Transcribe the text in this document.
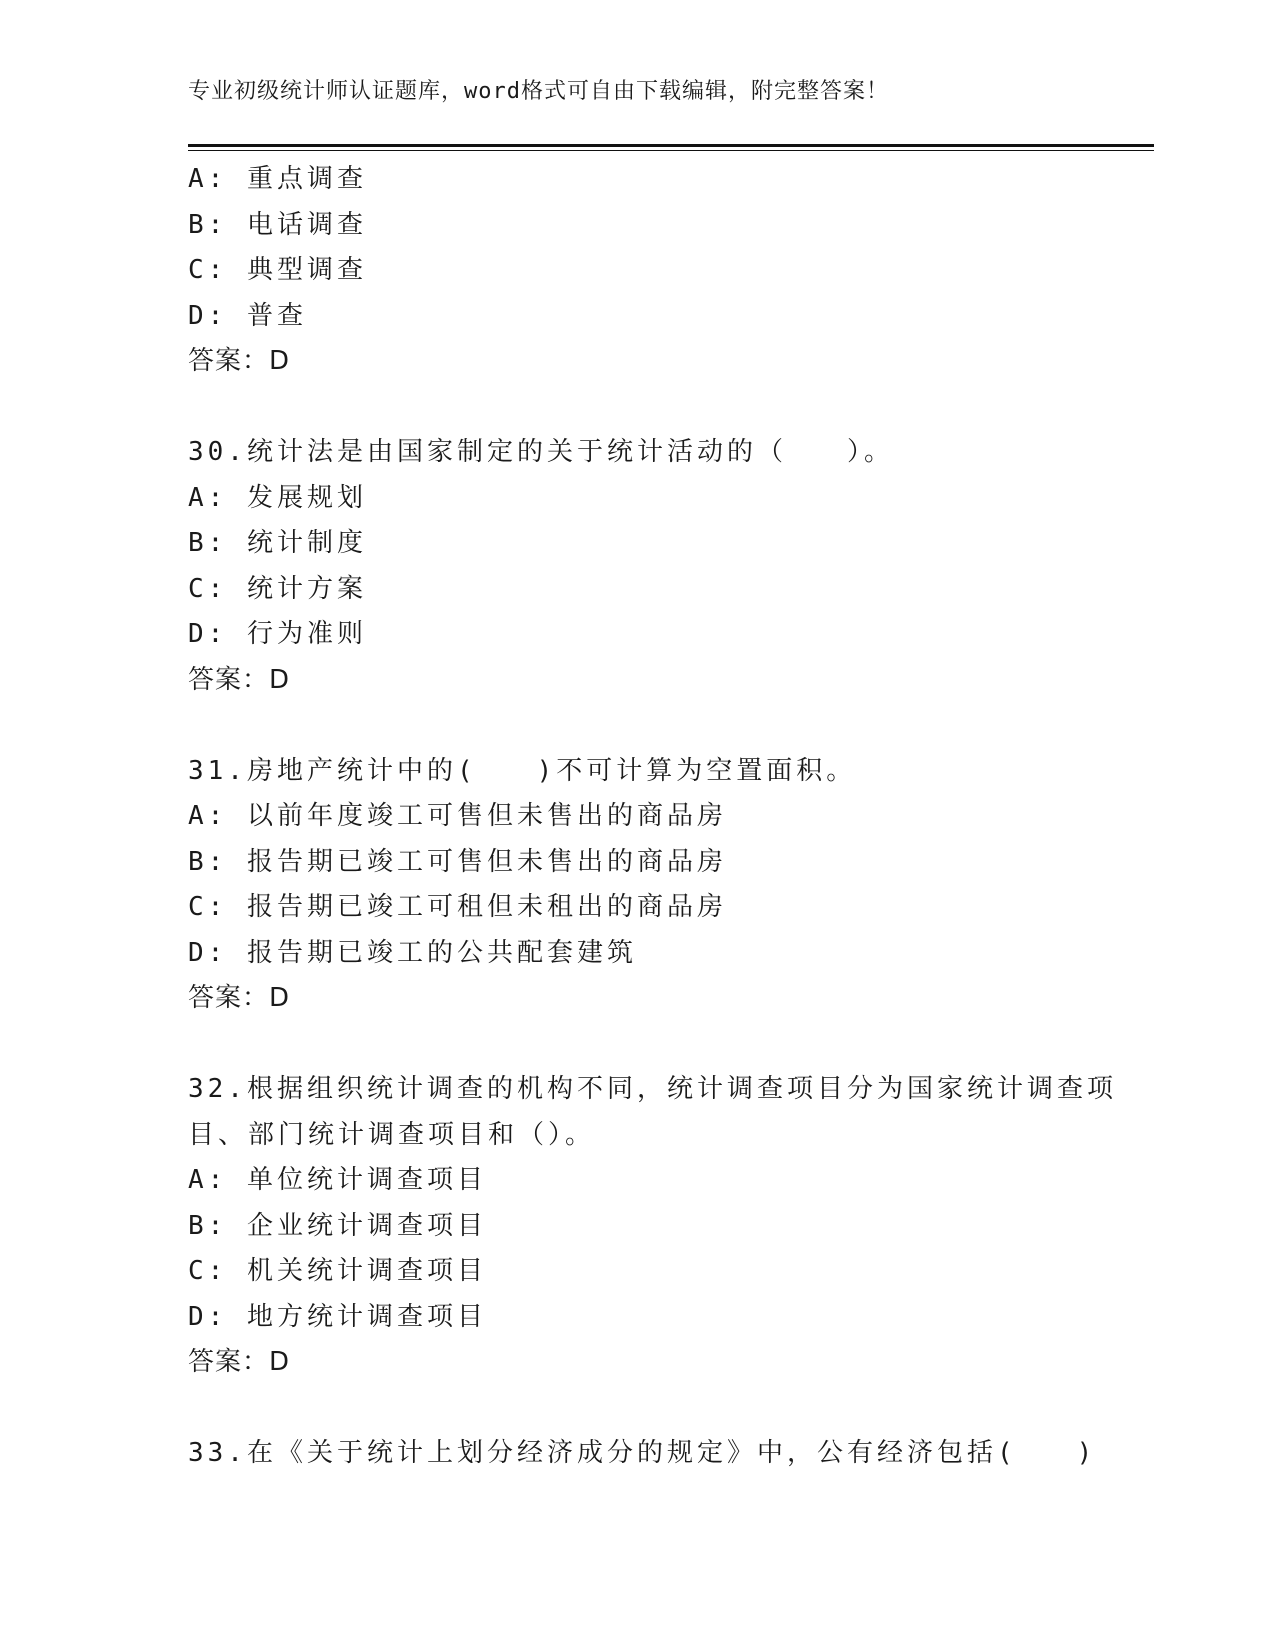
专业初级统计师认证题库，word格式可自由下载编辑，附完整答案！
A: 重点调查
B: 电话调查
C: 典型调查
D: 普查
答案：D
30.统计法是由国家制定的关于统计活动的（　　）。
A: 发展规划
B: 统计制度
C: 统计方案
D: 行为准则
答案：D
31.房地产统计中的(　　)不可计算为空置面积。
A: 以前年度竣工可售但未售出的商品房
B: 报告期已竣工可售但未售出的商品房
C: 报告期已竣工可租但未租出的商品房
D: 报告期已竣工的公共配套建筑
答案：D
32.根据组织统计调查的机构不同，统计调查项目分为国家统计调查项
目、部门统计调查项目和（）。
A: 单位统计调查项目
B: 企业统计调查项目
C: 机关统计调查项目
D: 地方统计调查项目
答案：D
33.在《关于统计上划分经济成分的规定》中，公有经济包括(　　)
